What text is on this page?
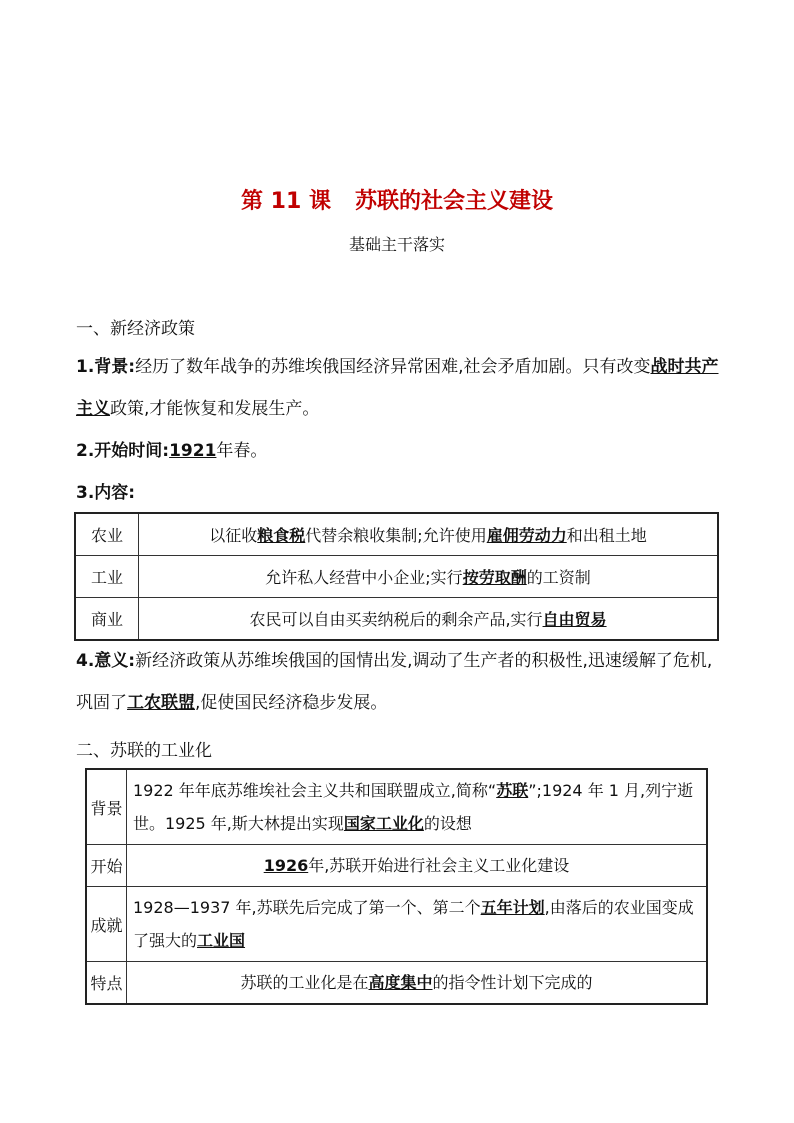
第 11 课 苏联的社会主义建设
基础主干落实
一、新经济政策
1.背景:经历了数年战争的苏维埃俄国经济异常困难,社会矛盾加剧。只有改变战时共产主义政策,才能恢复和发展生产。
2.开始时间:1921年春。
3.内容:
农业	以征收粮食税代替余粮收集制;允许使用雇佣劳动力和出租土地
工业	允许私人经营中小企业;实行按劳取酬的工资制
商业	农民可以自由买卖纳税后的剩余产品,实行自由贸易
4.意义:新经济政策从苏维埃俄国的国情出发,调动了生产者的积极性,迅速缓解了危机,巩固了工农联盟,促使国民经济稳步发展。
二、苏联的工业化
背景	1922 年年底苏维埃社会主义共和国联盟成立,简称“苏联”;1924 年 1 月,列宁逝世。1925 年,斯大林提出实现国家工业化的设想
开始	1926年,苏联开始进行社会主义工业化建设
成就	1928—1937 年,苏联先后完成了第一个、第二个五年计划,由落后的农业国变成了强大的工业国
特点	苏联的工业化是在高度集中的指令性计划下完成的
